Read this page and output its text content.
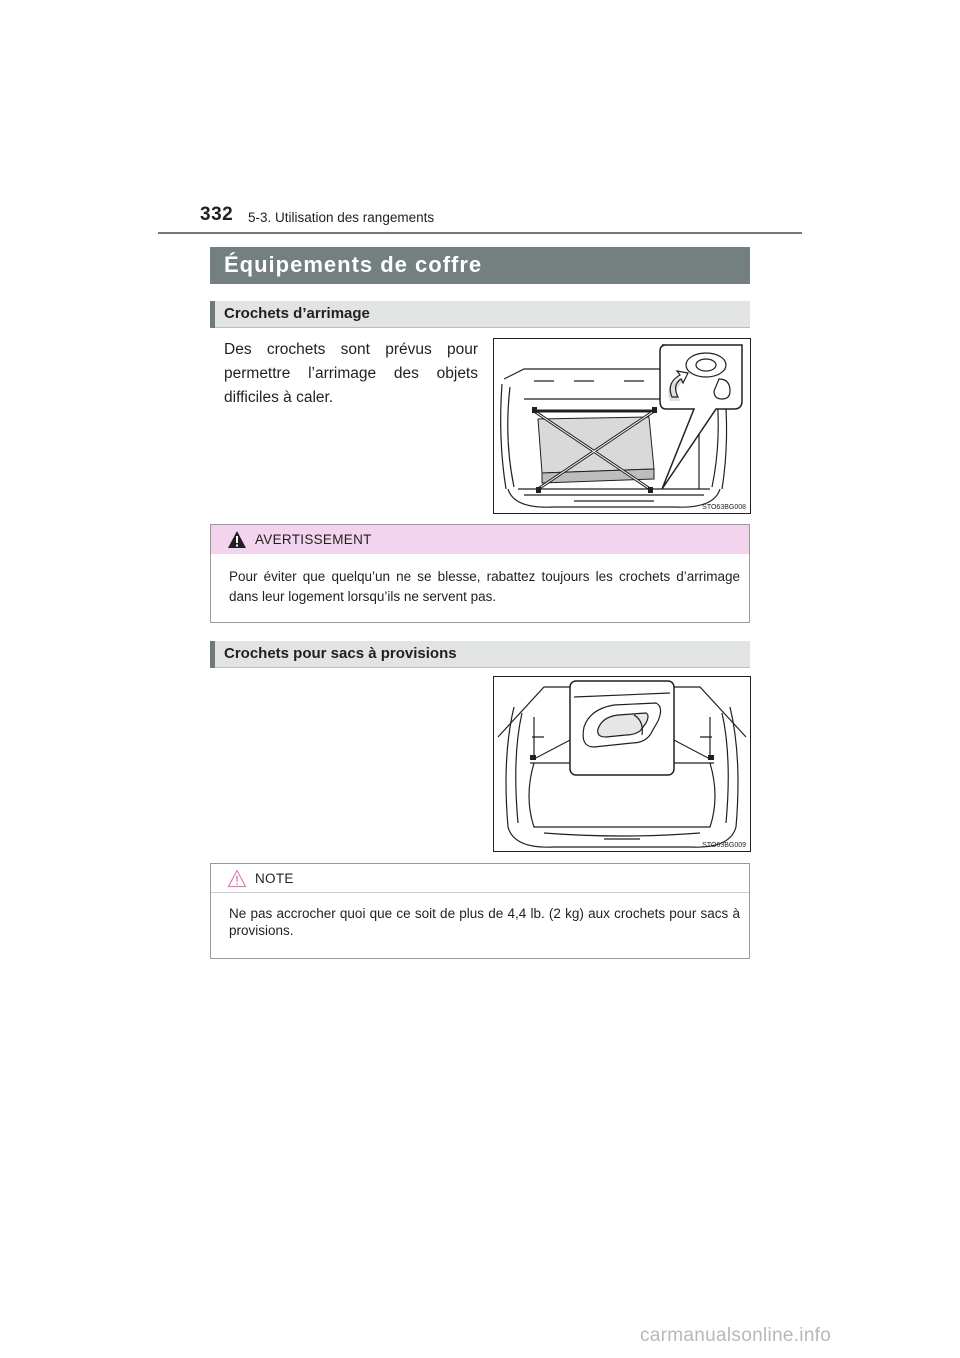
332 5-3. Utilisation des rangements
Équipements de coffre
Crochets d’arrimage
Des crochets sont prévus pour permettre l’arrimage des objets difficiles à caler.
STO63BG008
AVERTISSEMENT
Pour éviter que quelqu’un ne se blesse, rabattez toujours les crochets d’arrimage dans leur logement lorsqu’ils ne servent pas.
Crochets pour sacs à provisions
STO63BG009
NOTE
Ne pas accrocher quoi que ce soit de plus de 4,4 lb. (2 kg) aux crochets pour sacs à provisions.
carmanualsonline.info
